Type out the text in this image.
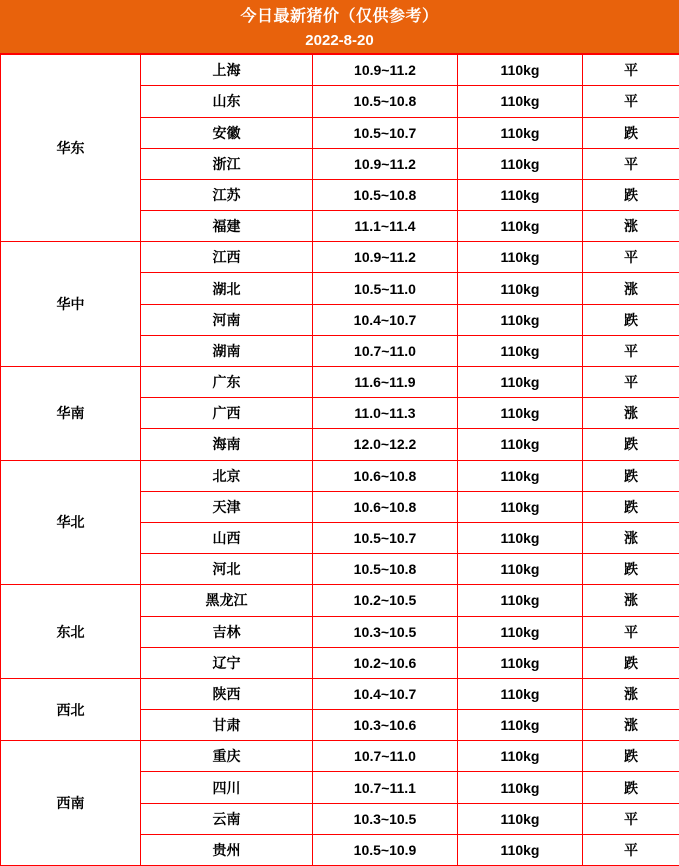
今日最新猪价（仅供参考）
2022-8-20
华东	上海	10.9~11.2	110kg	平
	山东	10.5~10.8	110kg	平
	安徽	10.5~10.7	110kg	跌
	浙江	10.9~11.2	110kg	平
	江苏	10.5~10.8	110kg	跌
	福建	11.1~11.4	110kg	涨
华中	江西	10.9~11.2	110kg	平
	湖北	10.5~11.0	110kg	涨
	河南	10.4~10.7	110kg	跌
	湖南	10.7~11.0	110kg	平
华南	广东	11.6~11.9	110kg	平
	广西	11.0~11.3	110kg	涨
	海南	12.0~12.2	110kg	跌
华北	北京	10.6~10.8	110kg	跌
	天津	10.6~10.8	110kg	跌
	山西	10.5~10.7	110kg	涨
	河北	10.5~10.8	110kg	跌
东北	黑龙江	10.2~10.5	110kg	涨
	吉林	10.3~10.5	110kg	平
	辽宁	10.2~10.6	110kg	跌
西北	陕西	10.4~10.7	110kg	涨
	甘肃	10.3~10.6	110kg	涨
西南	重庆	10.7~11.0	110kg	跌
	四川	10.7~11.1	110kg	跌
	云南	10.3~10.5	110kg	平
	贵州	10.5~10.9	110kg	平
